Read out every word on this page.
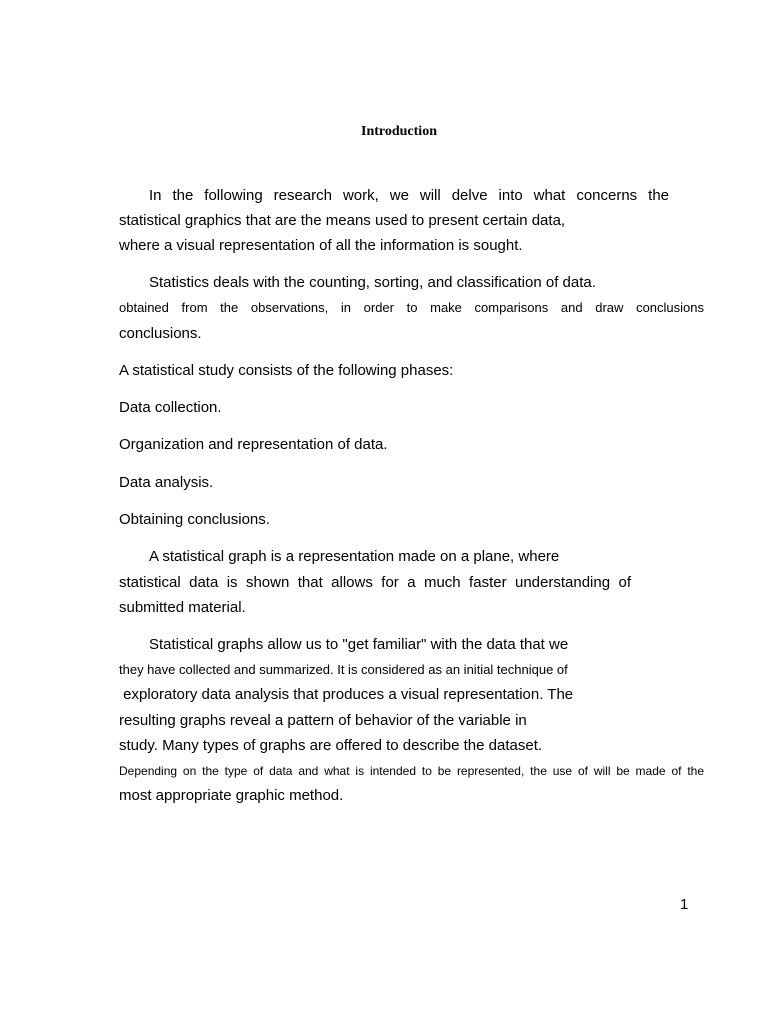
Introduction

In the following research work, we will delve into what concerns the

statistical graphics that are the means used to present certain data,

where a visual representation of all the information is sought.

Statistics deals with the counting, sorting, and classification of data.

obtained from the observations, in order to make comparisons and draw conclusions

conclusions.

A statistical study consists of the following phases:

Data collection.

Organization and representation of data.

Data analysis.

Obtaining conclusions.

A statistical graph is a representation made on a plane, where

statistical data is shown that allows for a much faster understanding of

submitted material.

Statistical graphs allow us to "get familiar" with the data that we

they have collected and summarized. It is considered as an initial technique of

exploratory data analysis that produces a visual representation. The

resulting graphs reveal a pattern of behavior of the variable in

study. Many types of graphs are offered to describe the dataset.

Depending on the type of data and what is intended to be represented, the use of will be made of the

most appropriate graphic method.

1
